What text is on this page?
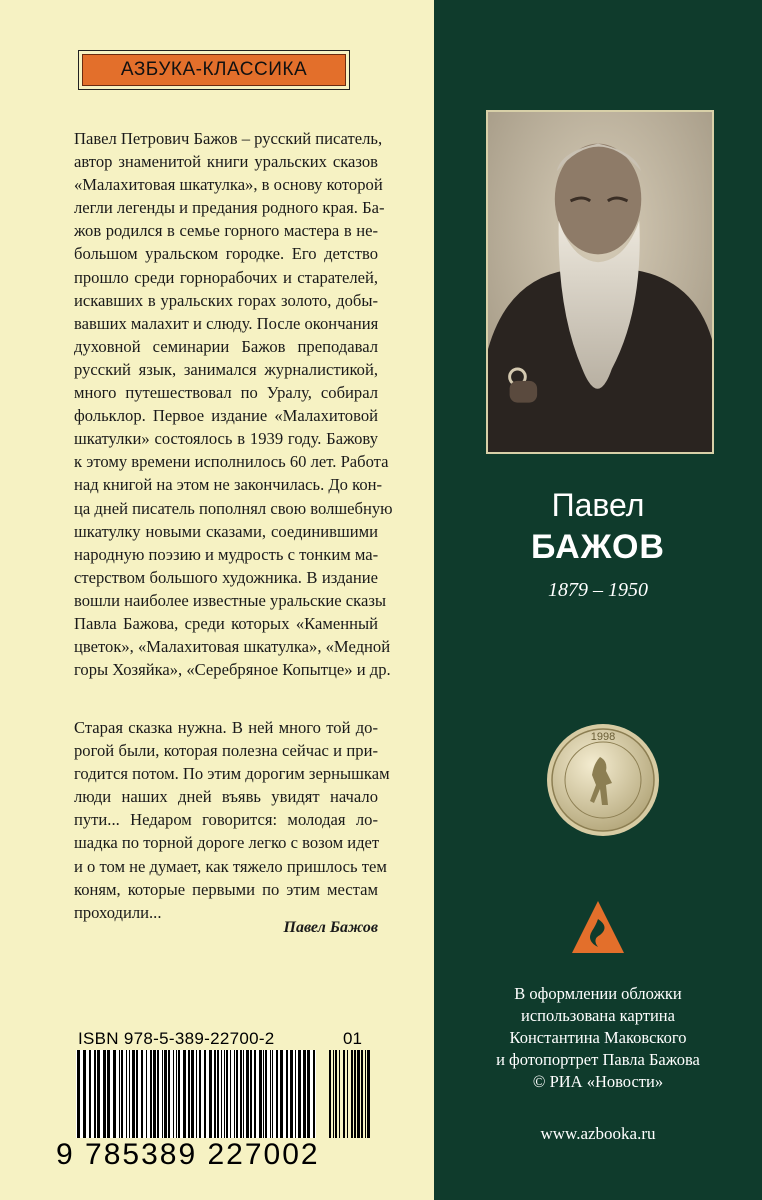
АЗБУКА-КЛАССИКА
Павел Петрович Бажов – русский писатель,
автор знаменитой книги уральских сказов
«Малахитовая шкатулка», в основу которой
легли легенды и предания родного края. Ба-
жов родился в семье горного мастера в не-
большом уральском городке. Его детство
прошло среди горнорабочих и старателей,
искавших в уральских горах золото, добы-
вавших малахит и слюду. После окончания
духовной семинарии Бажов преподавал
русский язык, занимался журналистикой,
много путешествовал по Уралу, собирал
фольклор. Первое издание «Малахитовой
шкатулки» состоялось в 1939 году. Бажову
к этому времени исполнилось 60 лет. Работа
над книгой на этом не закончилась. До кон-
ца дней писатель пополнял свою волшебную
шкатулку новыми сказами, соединившими
народную поэзию и мудрость с тонким ма-
стерством большого художника. В издание
вошли наиболее известные уральские сказы
Павла Бажова, среди которых «Каменный
цветок», «Малахитовая шкатулка», «Медной
горы Хозяйка», «Серебряное Копытце» и др.
Старая сказка нужна. В ней много той до-
рогой были, которая полезна сейчас и при-
годится потом. По этим дорогим зернышкам
люди наших дней въявь увидят начало
пути... Недаром говорится: молодая ло-
шадка по торной дороге легко с возом идет
и о том не думает, как тяжело пришлось тем
коням, которые первыми по этим местам
проходили...
Павел Бажов
ISBN 978-5-389-22700-2	01
9 785389 227002
Павел
БАЖОВ
1879 – 1950
1998
В оформлении обложки
использована картина
Константина Маковского
и фотопортрет Павла Бажова
© РИА «Новости»
www.azbooka.ru
